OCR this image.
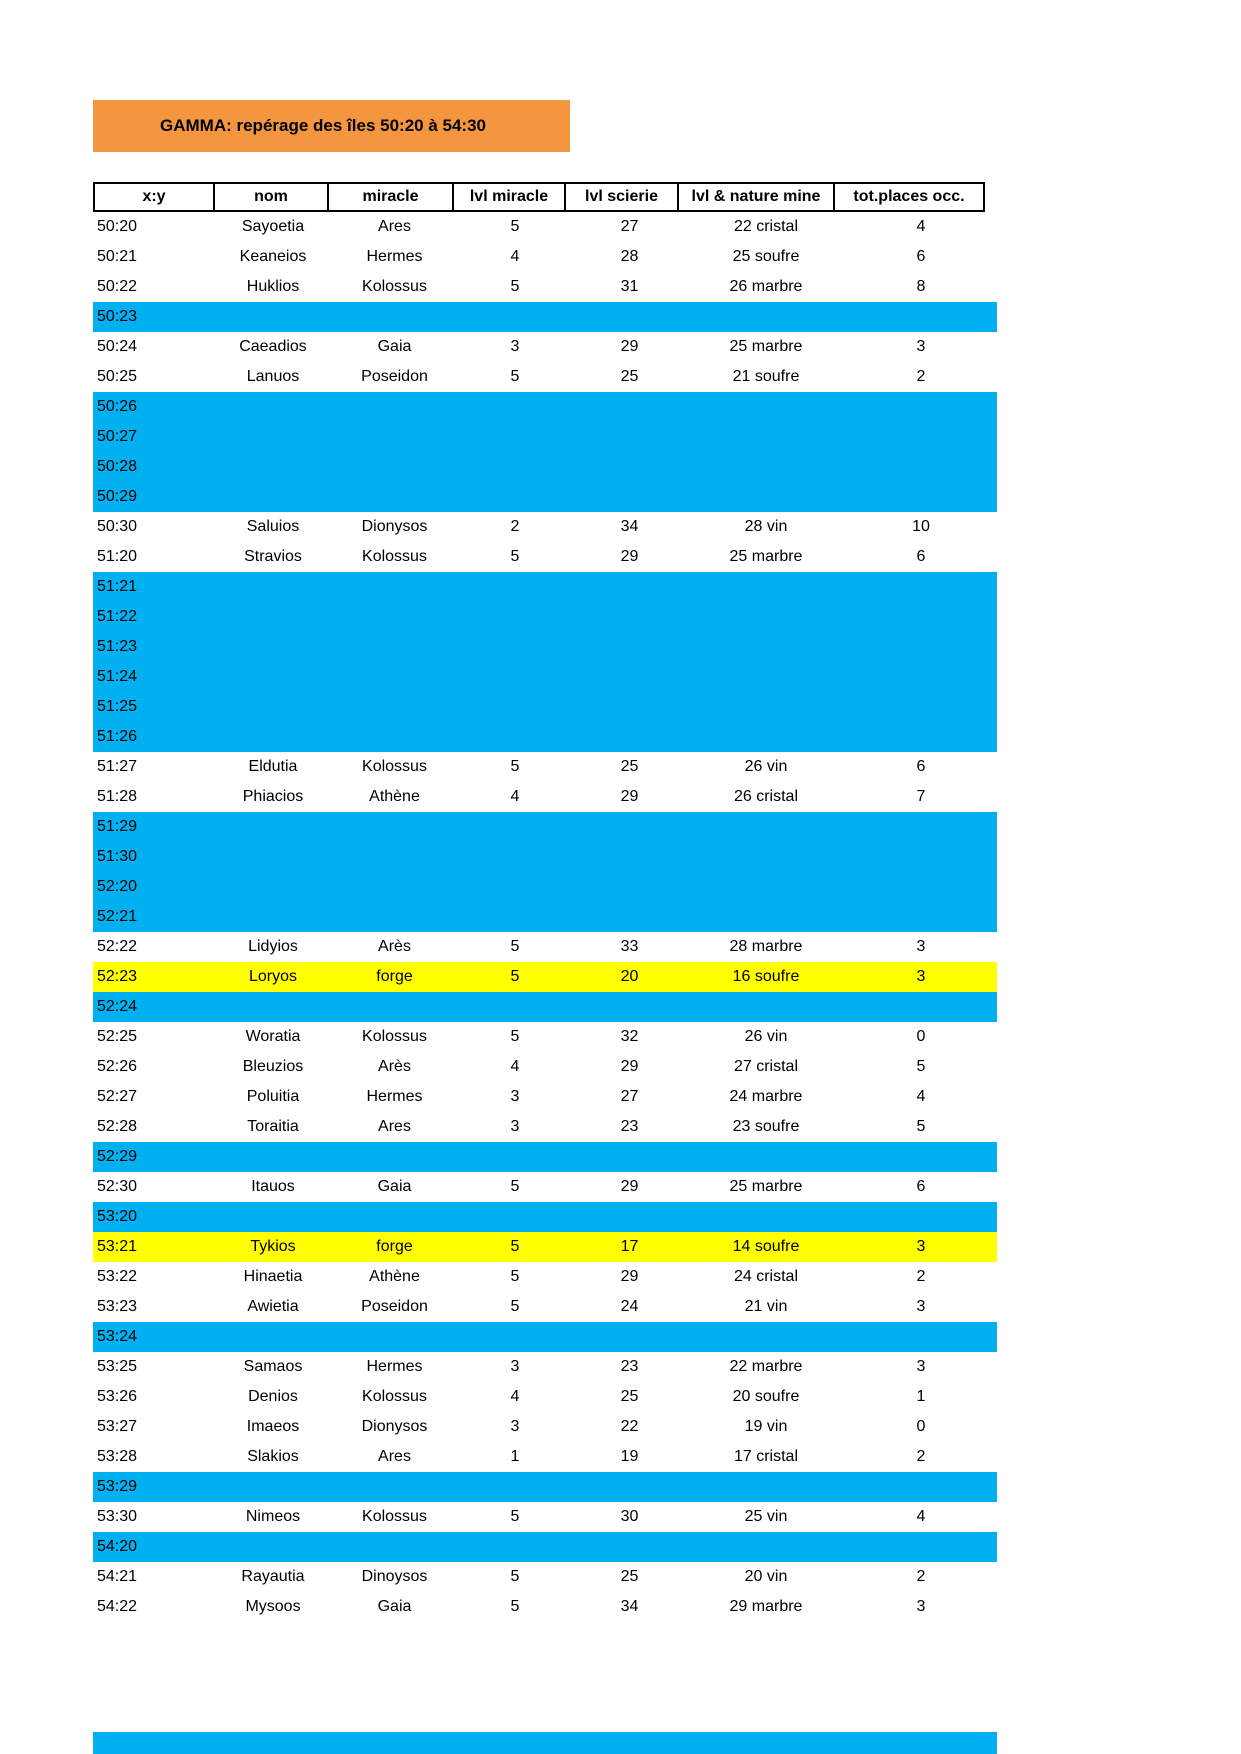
GAMMA: repérage des îles 50:20 à 54:30
x:y	nom	miracle	lvl miracle	lvl scierie	lvl & nature mine	tot.places occ.
50:20	Sayoetia	Ares	5	27	22 cristal	4
50:21	Keaneios	Hermes	4	28	25 soufre	6
50:22	Huklios	Kolossus	5	31	26 marbre	8
50:23
50:24	Caeadios	Gaia	3	29	25 marbre	3
50:25	Lanuos	Poseidon	5	25	21 soufre	2
50:26
50:27
50:28
50:29
50:30	Saluios	Dionysos	2	34	28 vin	10
51:20	Stravios	Kolossus	5	29	25 marbre	6
51:21
51:22
51:23
51:24
51:25
51:26
51:27	Eldutia	Kolossus	5	25	26 vin	6
51:28	Phiacios	Athène	4	29	26 cristal	7
51:29
51:30
52:20
52:21
52:22	Lidyios	Arès	5	33	28 marbre	3
52:23	Loryos	forge	5	20	16 soufre	3
52:24
52:25	Woratia	Kolossus	5	32	26 vin	0
52:26	Bleuzios	Arès	4	29	27 cristal	5
52:27	Poluitia	Hermes	3	27	24 marbre	4
52:28	Toraitia	Ares	3	23	23 soufre	5
52:29
52:30	Itauos	Gaia	5	29	25 marbre	6
53:20
53:21	Tykios	forge	5	17	14 soufre	3
53:22	Hinaetia	Athène	5	29	24 cristal	2
53:23	Awietia	Poseidon	5	24	21 vin	3
53:24
53:25	Samaos	Hermes	3	23	22 marbre	3
53:26	Denios	Kolossus	4	25	20 soufre	1
53:27	Imaeos	Dionysos	3	22	19 vin	0
53:28	Slakios	Ares	1	19	17 cristal	2
53:29
53:30	Nimeos	Kolossus	5	30	25 vin	4
54:20
54:21	Rayautia	Dinoysos	5	25	20 vin	2
54:22	Mysoos	Gaia	5	34	29 marbre	3
